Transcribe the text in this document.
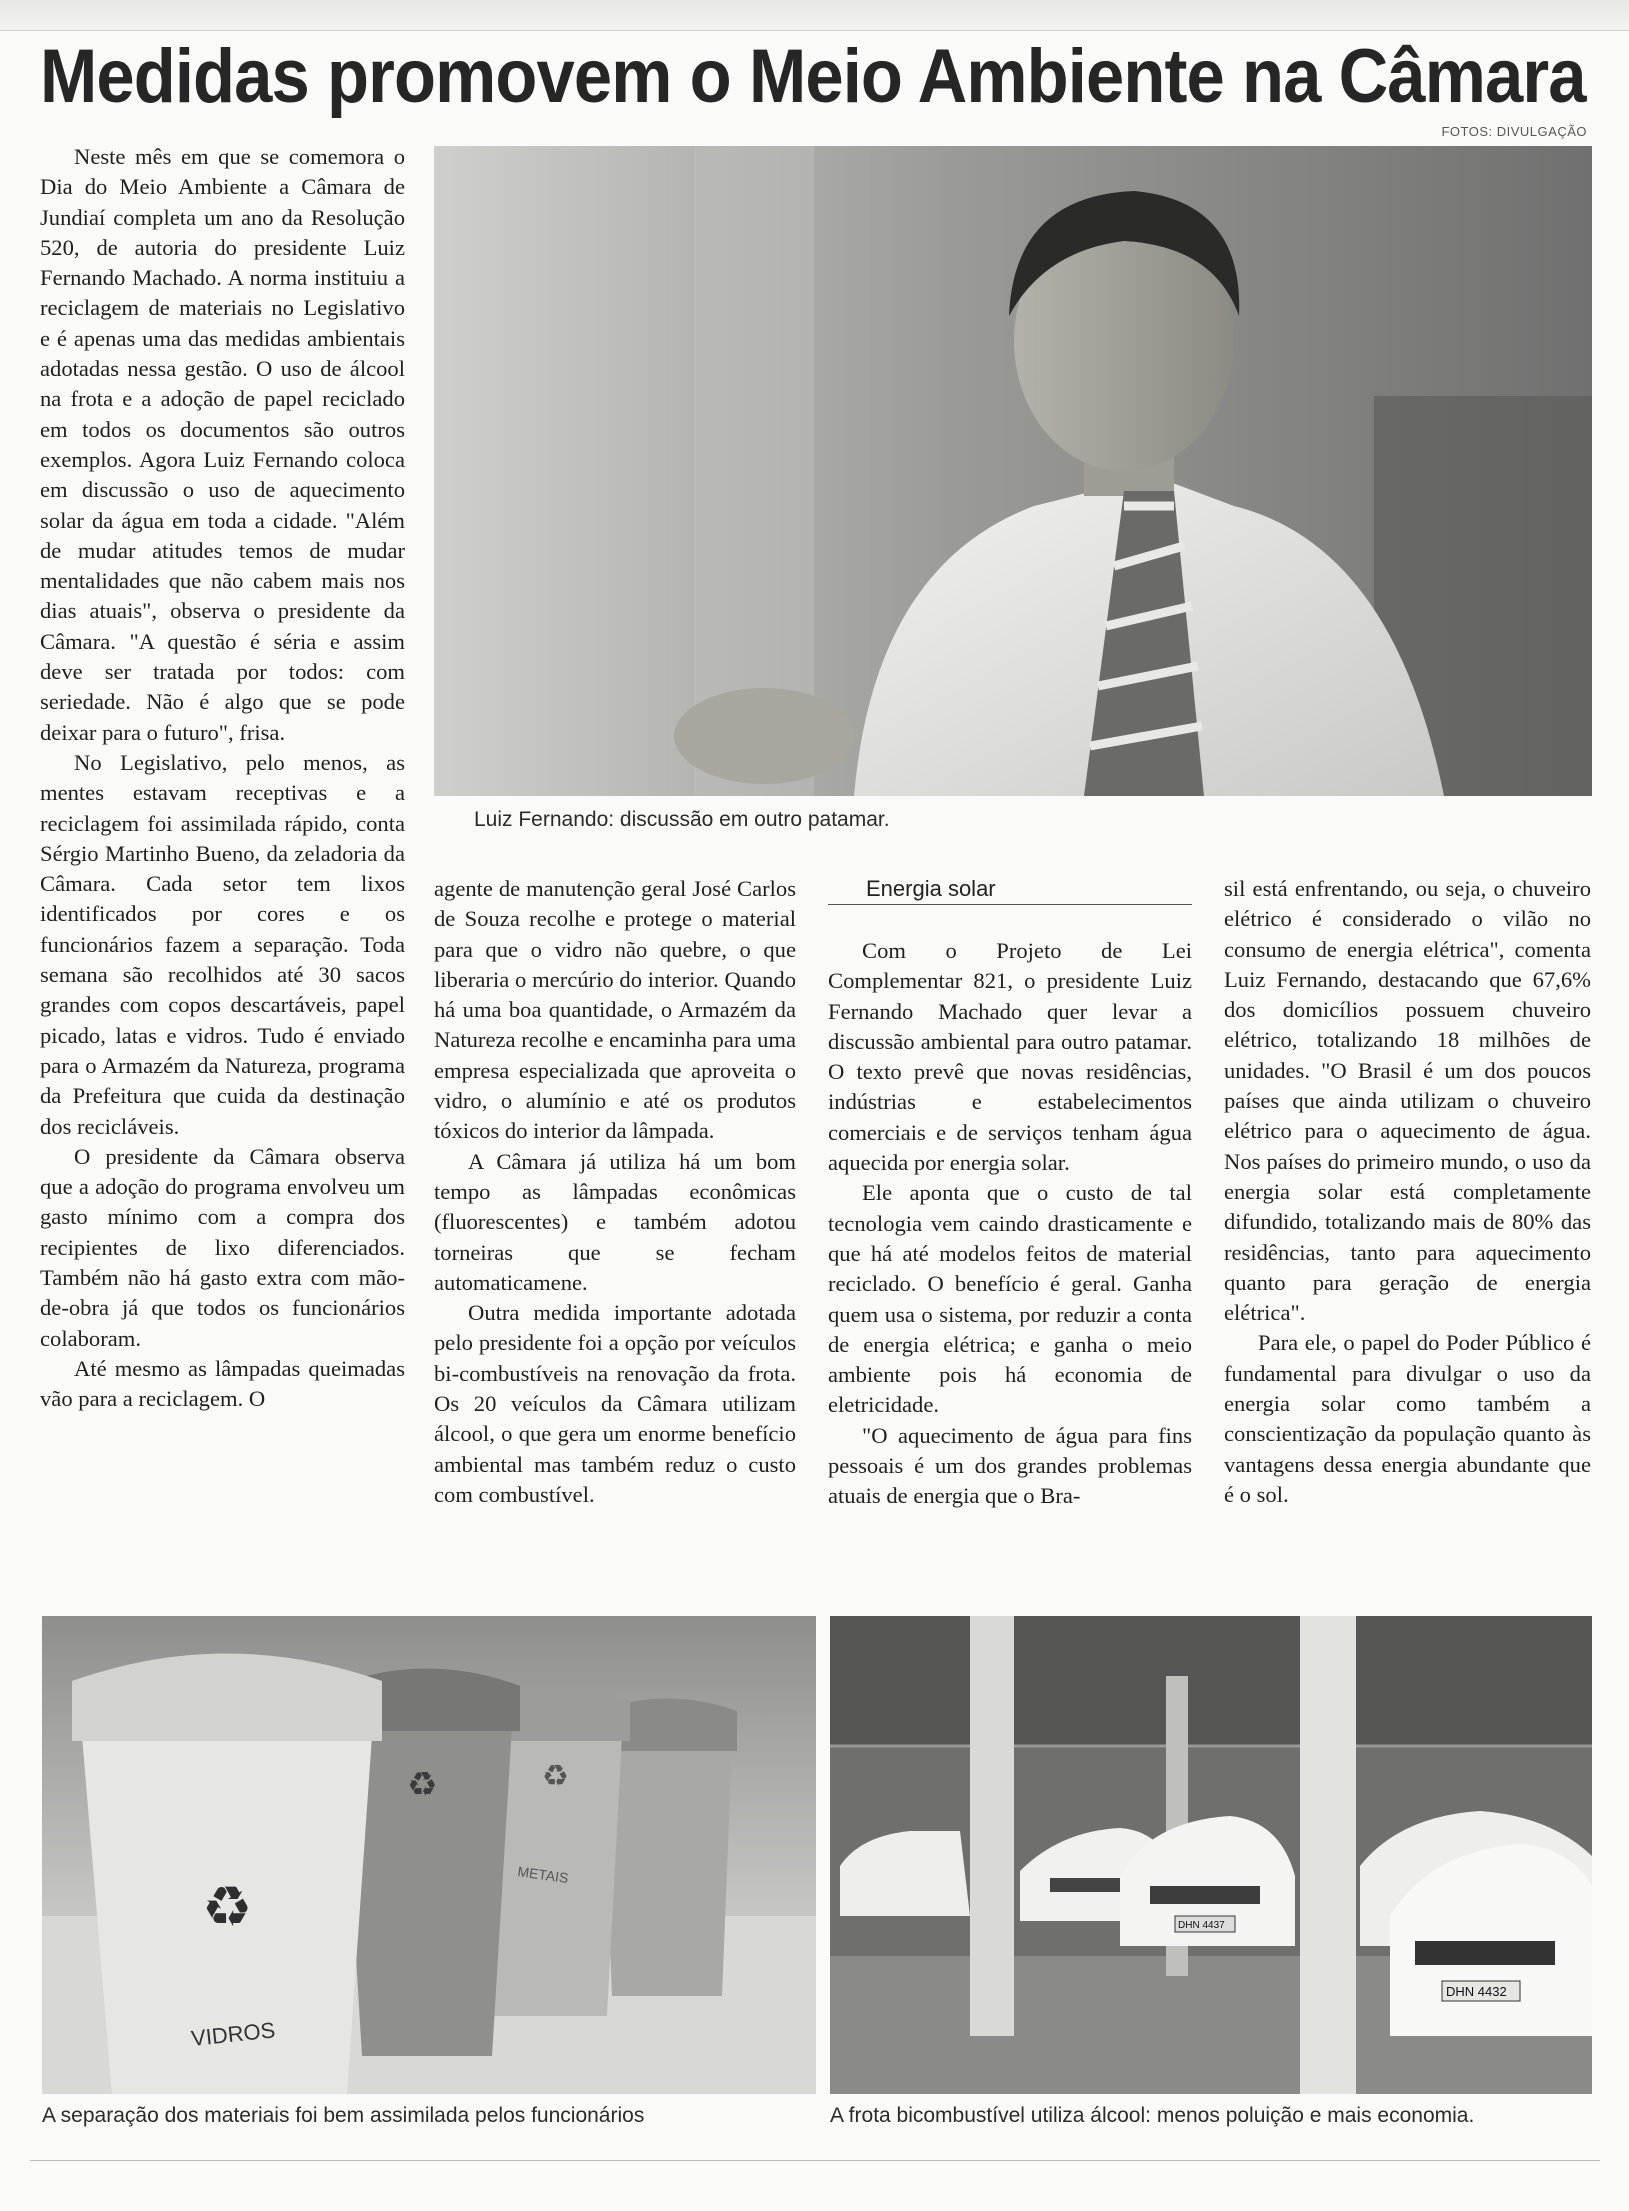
Medidas promovem o Meio Ambiente na Câmara
FOTOS: DIVULGAÇÃO
Luiz Fernando: discussão em outro patamar.

Neste mês em que se comemora o Dia do Meio Ambiente a Câmara de Jundiaí completa um ano da Resolução 520, de autoria do presidente Luiz Fernando Machado. A norma instituiu a reciclagem de materiais no Legislativo e é apenas uma das medidas ambientais adotadas nessa gestão. O uso de álcool na frota e a adoção de papel reciclado em todos os documentos são outros exemplos. Agora Luiz Fernando coloca em discussão o uso de aquecimento solar da água em toda a cidade. "Além de mudar atitudes temos de mudar mentalidades que não cabem mais nos dias atuais", observa o presidente da Câmara. "A questão é séria e assim deve ser tratada por todos: com seriedade. Não é algo que se pode deixar para o futuro", frisa.

No Legislativo, pelo menos, as mentes estavam receptivas e a reciclagem foi assimilada rápido, conta Sérgio Martinho Bueno, da zeladoria da Câmara. Cada setor tem lixos identificados por cores e os funcionários fazem a separação. Toda semana são recolhidos até 30 sacos grandes com copos descartáveis, papel picado, latas e vidros. Tudo é enviado para o Armazém da Natureza, programa da Prefeitura que cuida da destinação dos recicláveis.

O presidente da Câmara observa que a adoção do programa envolveu um gasto mínimo com a compra dos recipientes de lixo diferenciados. Também não há gasto extra com mão-de-obra já que todos os funcionários colaboram.

Até mesmo as lâmpadas queimadas vão para a reciclagem. O

agente de manutenção geral José Carlos de Souza recolhe e protege o material para que o vidro não quebre, o que liberaria o mercúrio do interior. Quando há uma boa quantidade, o Armazém da Natureza recolhe e encaminha para uma empresa especializada que aproveita o vidro, o alumínio e até os produtos tóxicos do interior da lâmpada.

A Câmara já utiliza há um bom tempo as lâmpadas econômicas (fluorescentes) e também adotou torneiras que se fecham automaticamene.

Outra medida importante adotada pelo presidente foi a opção por veículos bi-combustíveis na renovação da frota. Os 20 veículos da Câmara utilizam álcool, o que gera um enorme benefício ambiental mas também reduz o custo com combustível.

Energia solar

Com o Projeto de Lei Complementar 821, o presidente Luiz Fernando Machado quer levar a discussão ambiental para outro patamar. O texto prevê que novas residências, indústrias e estabelecimentos comerciais e de serviços tenham água aquecida por energia solar.

Ele aponta que o custo de tal tecnologia vem caindo drasticamente e que há até modelos feitos de material reciclado. O benefício é geral. Ganha quem usa o sistema, por reduzir a conta de energia elétrica; e ganha o meio ambiente pois há economia de eletricidade.

"O aquecimento de água para fins pessoais é um dos grandes problemas atuais de energia que o Bra-

sil está enfrentando, ou seja, o chuveiro elétrico é considerado o vilão no consumo de energia elétrica", comenta Luiz Fernando, destacando que 67,6% dos domicílios possuem chuveiro elétrico, totalizando 18 milhões de unidades. "O Brasil é um dos poucos países que ainda utilizam o chuveiro elétrico para o aquecimento de água. Nos países do primeiro mundo, o uso da energia solar está completamente difundido, totalizando mais de 80% das residências, tanto para aquecimento quanto para geração de energia elétrica".

Para ele, o papel do Poder Público é fundamental para divulgar o uso da energia solar como também a conscientização da população quanto às vantagens dessa energia abundante que é o sol.

METAIS
♻
♻
♻
VIDROS
A separação dos materiais foi bem assimilada pelos funcionários
DHN 4437
DHN 4432
A frota bicombustível utiliza álcool: menos poluição e mais economia.
